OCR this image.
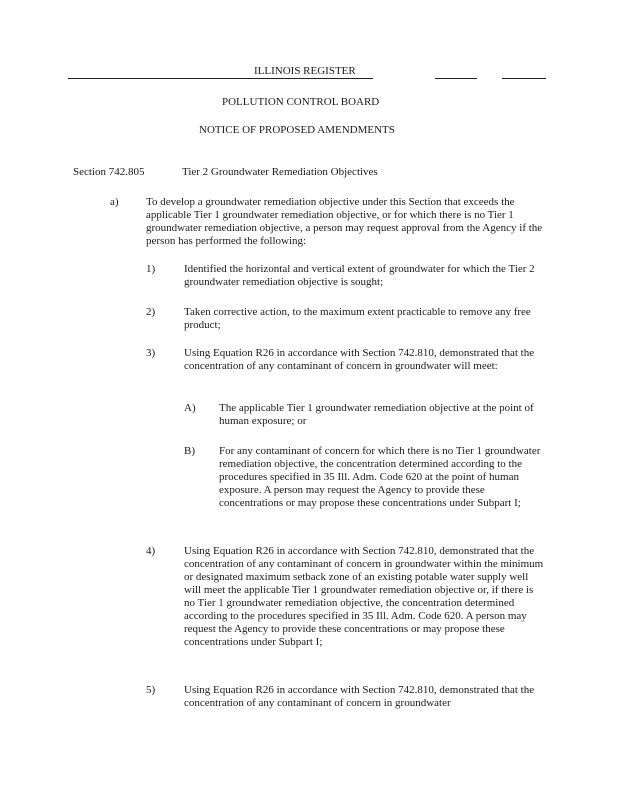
ILLINOIS REGISTER
POLLUTION CONTROL BOARD
NOTICE OF PROPOSED AMENDMENTS
Section 742.805	Tier 2 Groundwater Remediation Objectives
a) To develop a groundwater remediation objective under this Section that exceeds the applicable Tier 1 groundwater remediation objective, or for which there is no Tier 1 groundwater remediation objective, a person may request approval from the Agency if the person has performed the following:
1)	Identified the horizontal and vertical extent of groundwater for which the Tier 2 groundwater remediation objective is sought;
2)	Taken corrective action, to the maximum extent practicable to remove any free product;
3)	Using Equation R26 in accordance with Section 742.810, demonstrated that the concentration of any contaminant of concern in groundwater will meet:
A) The applicable Tier 1 groundwater remediation objective at the point of human exposure; or
B) For any contaminant of concern for which there is no Tier 1 groundwater remediation objective, the concentration determined according to the procedures specified in 35 Ill. Adm. Code 620 at the point of human exposure. A person may request the Agency to provide these concentrations or may propose these concentrations under Subpart I;
4)	Using Equation R26 in accordance with Section 742.810, demonstrated that the concentration of any contaminant of concern in groundwater within the minimum or designated maximum setback zone of an existing potable water supply well will meet the applicable Tier 1 groundwater remediation objective or, if there is no Tier 1 groundwater remediation objective, the concentration determined according to the procedures specified in 35 Ill. Adm. Code 620. A person may request the Agency to provide these concentrations or may propose these concentrations under Subpart I;
5)	Using Equation R26 in accordance with Section 742.810, demonstrated that the concentration of any contaminant of concern in groundwater
